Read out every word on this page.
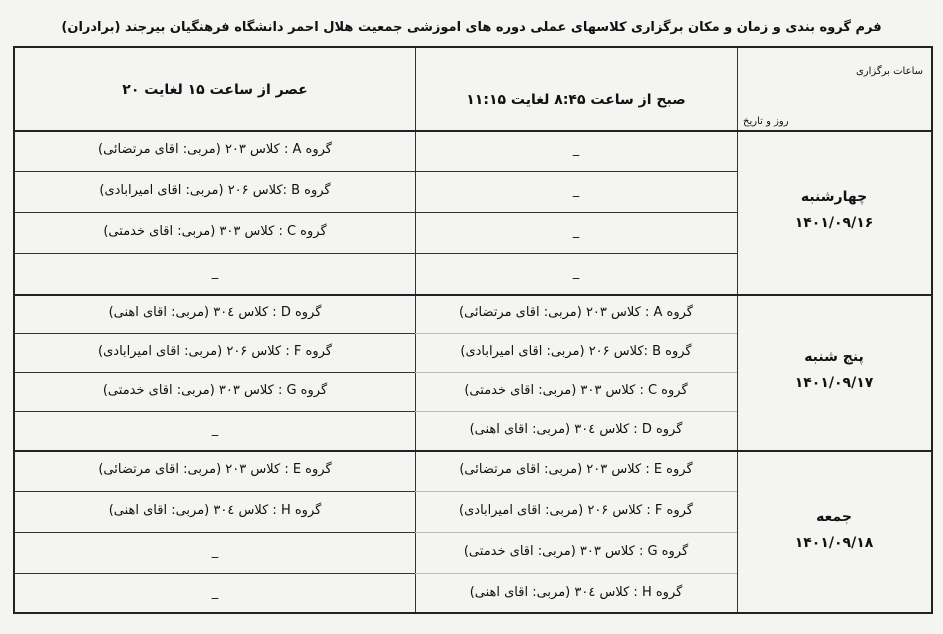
فرم گروه بندی و زمان و مکان برگزاری کلاسهای عملی دوره های اموزشی جمعیت هلال احمر دانشگاه فرهنگیان بیرجند (برادران)
ساعات برگزاری
روز و تاریخ
صبح از ساعت ۸:۴۵ لغایت ۱۱:۱۵
عصر از ساعت ۱۵ لغایت ۲۰
چهارشنبه
۱۴۰۱/۰۹/۱۶
گروه A : کلاس ۲۰۳ (مربی: اقای مرتضائی)
گروه B :کلاس ۲۰۶ (مربی: اقای امیرابادی)
گروه C : کلاس ۳۰۳ (مربی: اقای خدمتی)
_
_
_
_
_
پنج شنبه
۱۴۰۱/۰۹/۱۷
گروه D : کلاس ۳۰٤ (مربی: اقای اهنی)
گروه F : کلاس ۲۰۶ (مربی: اقای امیرابادی)
گروه G : کلاس ۳۰۳ (مربی: اقای خدمتی)
_
گروه A : کلاس ۲۰۳ (مربی: اقای مرتضائی)
گروه B :کلاس ۲۰۶ (مربی: اقای امیرابادی)
گروه C : کلاس ۳۰۳ (مربی: اقای خدمتی)
گروه D : کلاس ۳۰٤ (مربی: اقای اهنی)
جمعه
۱۴۰۱/۰۹/۱۸
گروه E : کلاس ۲۰۳ (مربی: اقای مرتضائی)
گروه H : کلاس ۳۰٤ (مربی: اقای اهنی)
_
_
گروه E : کلاس ۲۰۳ (مربی: اقای مرتضائی)
گروه F : کلاس ۲۰۶ (مربی: اقای امیرابادی)
گروه G : کلاس ۳۰۳ (مربی: اقای خدمتی)
گروه H : کلاس ۳۰٤ (مربی: اقای اهنی)
